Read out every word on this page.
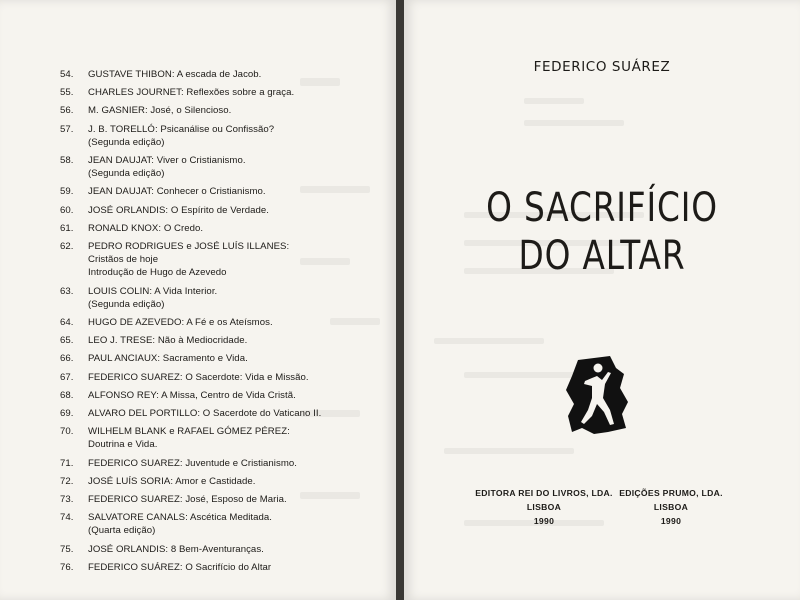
54.	GUSTAVE THIBON: A escada de Jacob.
55.	CHARLES JOURNET: Reflexões sobre a graça.
56.	M. GASNIER: José, o Silencioso.
57.	J. B. TORELLÓ: Psicanálise ou Confissão?
(Segunda edição)
58.	JEAN DAUJAT: Viver o Cristianismo.
(Segunda edição)
59.	JEAN DAUJAT: Conhecer o Cristianismo.
60.	JOSÉ ORLANDIS: O Espírito de Verdade.
61.	RONALD KNOX: O Credo.
62.	PEDRO RODRIGUES e JOSÉ LUÍS ILLANES:
Cristãos de hoje
Introdução de Hugo de Azevedo
63.	LOUIS COLIN: A Vida Interior.
(Segunda edição)
64.	HUGO DE AZEVEDO: A Fé e os Ateísmos.
65.	LEO J. TRESE: Não à Mediocridade.
66.	PAUL ANCIAUX: Sacramento e Vida.
67.	FEDERICO SUAREZ: O Sacerdote: Vida e Missão.
68.	ALFONSO REY: A Missa, Centro de Vida Cristã.
69.	ALVARO DEL PORTILLO: O Sacerdote do Vaticano II.
70.	WILHELM BLANK e RAFAEL GÓMEZ PÉREZ:
Doutrina e Vida.
71.	FEDERICO SUAREZ: Juventude e Cristianismo.
72.	JOSÉ LUÍS SORIA: Amor e Castidade.
73.	FEDERICO SUAREZ: José, Esposo de Maria.
74.	SALVATORE CANALS: Ascética Meditada.
(Quarta edição)
75.	JOSÉ ORLANDIS: 8 Bem-Aventuranças.
76.	FEDERICO SUÁREZ: O Sacrifício do Altar
FEDERICO SUÁREZ
O SACRIFÍCIO
DO ALTAR
EDITORA REI DO LIVROS, LDA.
LISBOA
1990
EDIÇÕES PRUMO, LDA.
LISBOA
1990
